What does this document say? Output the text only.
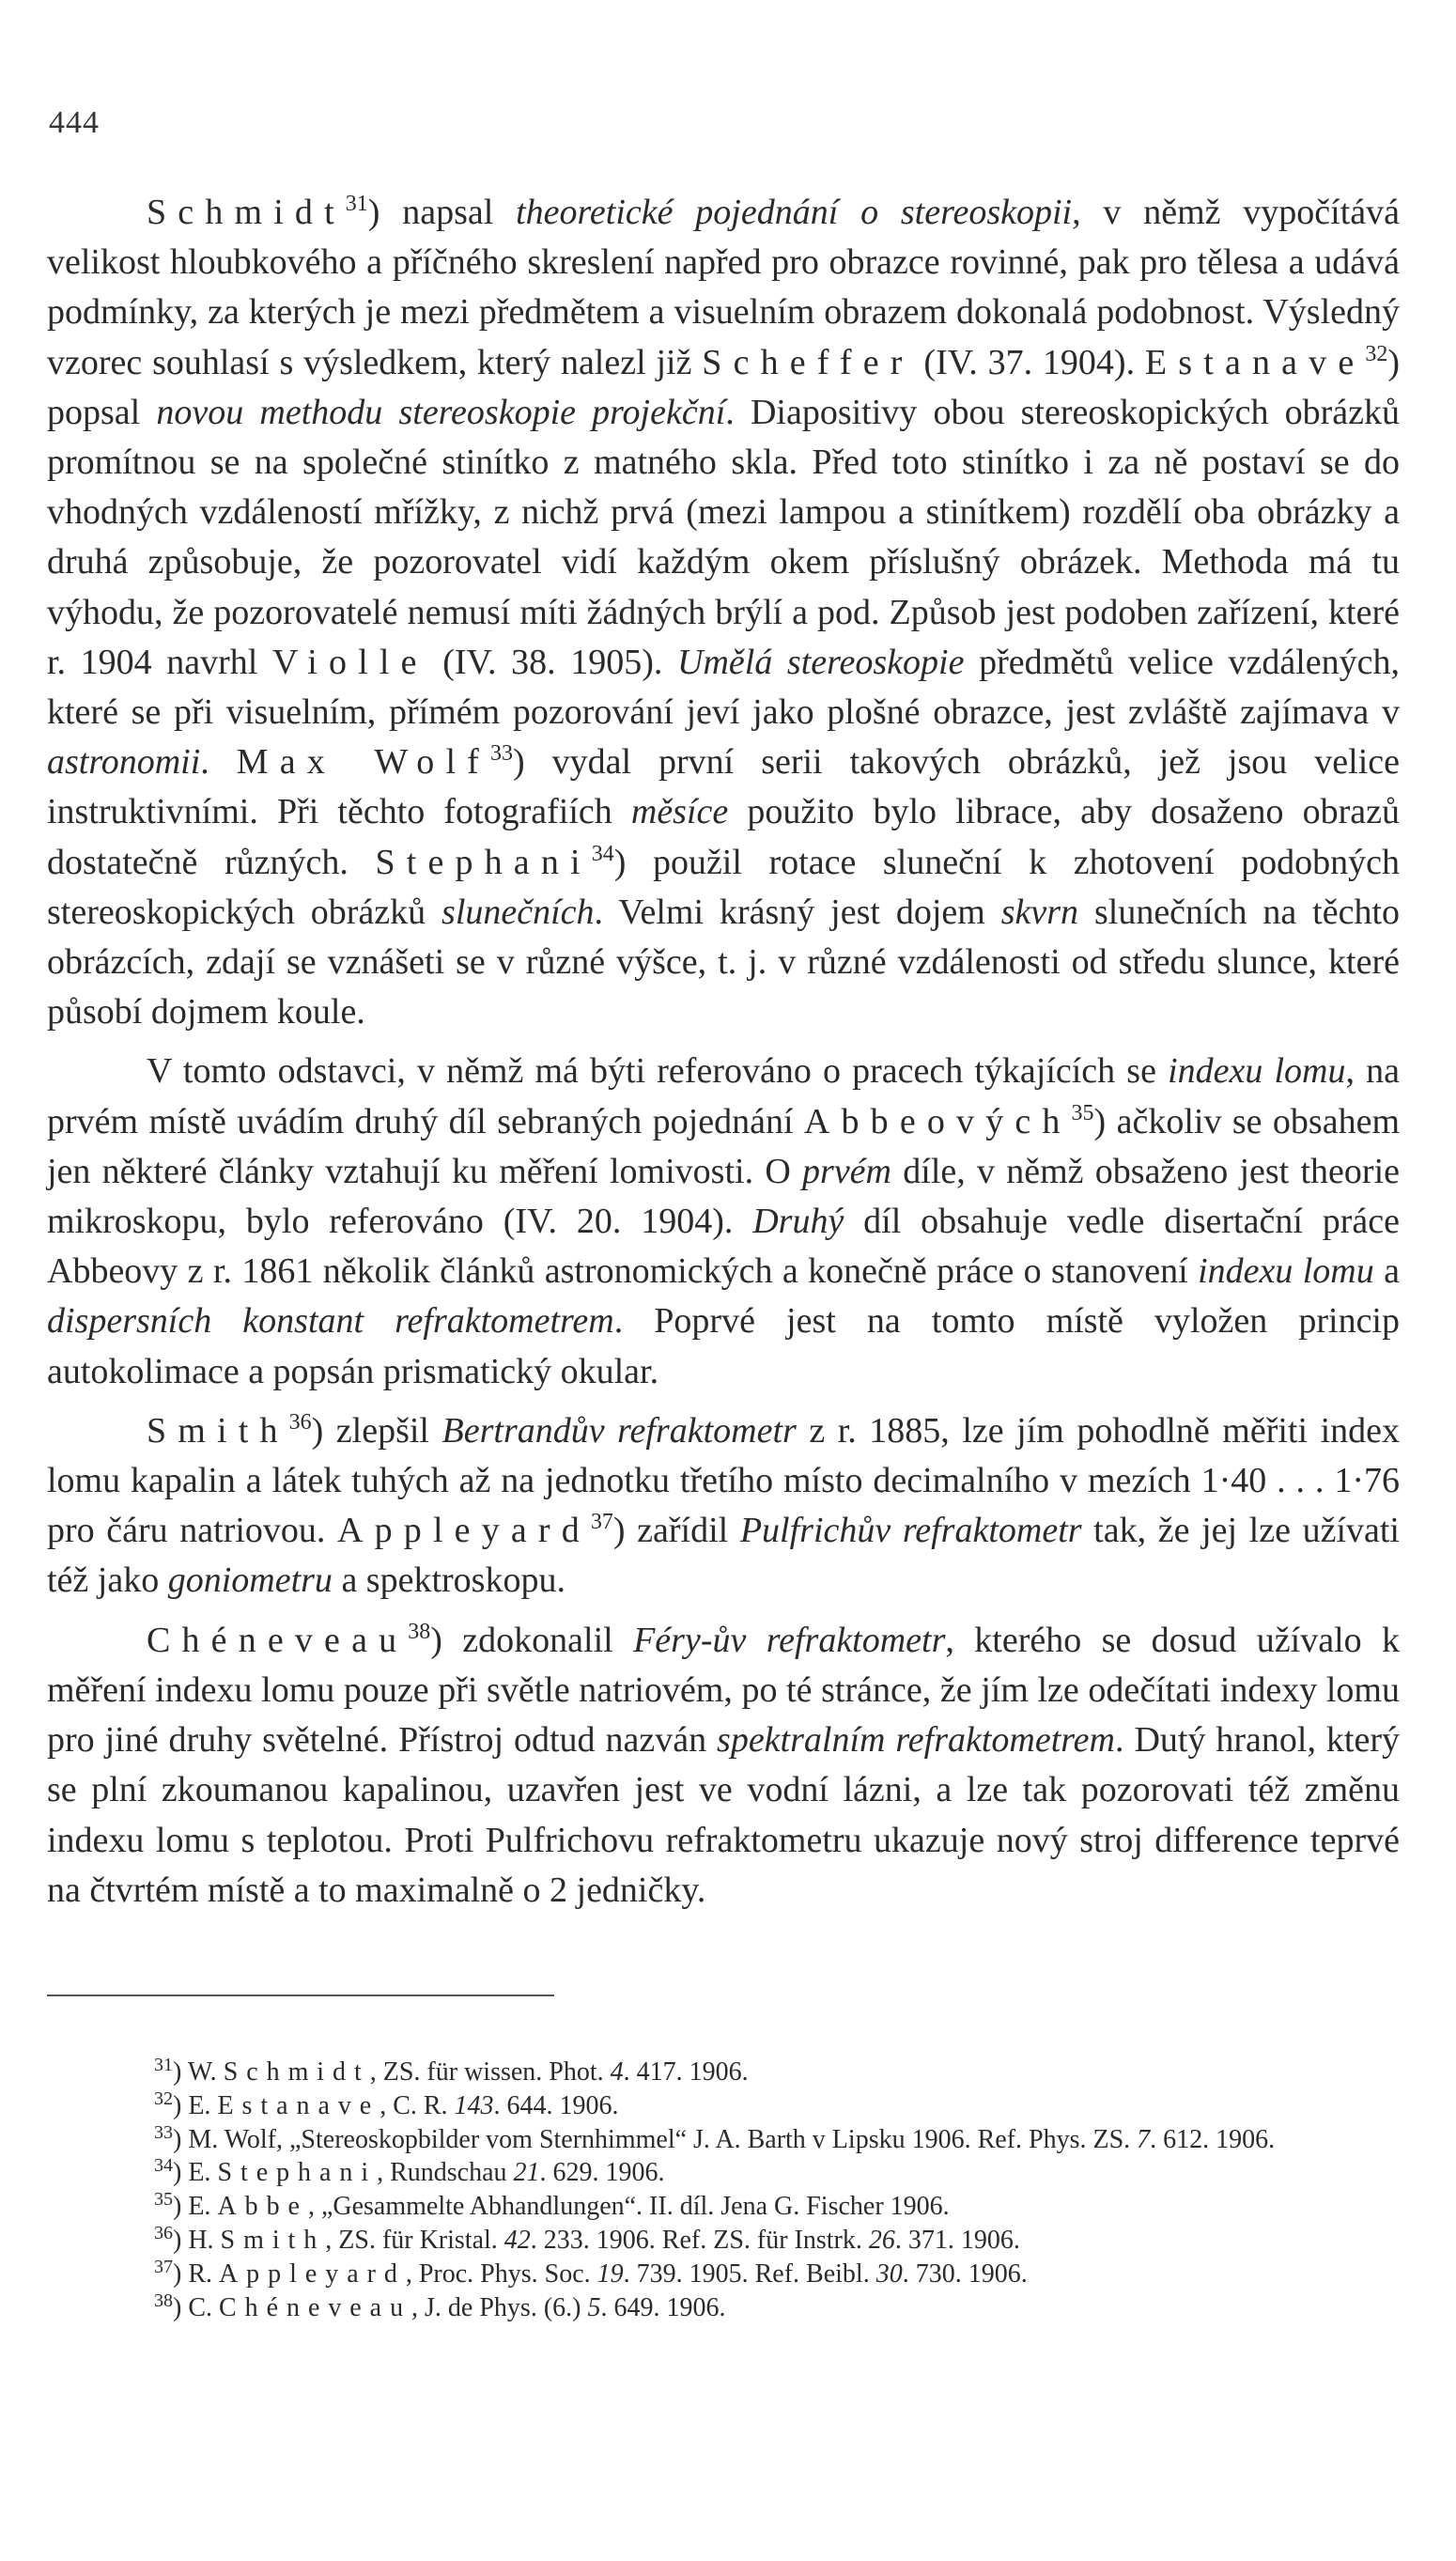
444

Schmidt$^{31}$) napsal theoretické pojednání o stereoskopii, v němž vypočítává velikost hloubkového a příčného skreslení napřed pro obrazce rovinné, pak pro tělesa a udává podmínky, za kterých je mezi předmětem a visuelním obrazem dokonalá podobnost. Výsledný vzorec souhlasí s výsledkem, který nalezl již Scheffer (IV. 37. 1904). Estanave$^{32}$) popsal novou methodu stereoskopie projekční. Diapositivy obou stereoskopických obrázků promítnou se na společné stinítko z matného skla. Před toto stinítko i za ně postaví se do vhodných vzdáleností mřížky, z nichž prvá (mezi lampou a stinítkem) rozdělí oba obrázky a druhá způsobuje, že pozorovatel vidí každým okem příslušný obrázek. Methoda má tu výhodu, že pozorovatelé nemusí míti žádných brýlí a pod. Způsob jest podoben zařízení, které r. 1904 navrhl Violle (IV. 38. 1905). Umělá stereoskopie předmětů velice vzdálených, které se při visuelním, přímém pozorování jeví jako plošné obrazce, jest zvláště zajímava v astronomii. Max Wolf$^{33}$) vydal první serii takových obrázků, jež jsou velice instruktivními. Při těchto fotografiích měsíce použito bylo librace, aby dosaženo obrazů dostatečně různých. Stephani$^{34}$) použil rotace sluneční k zhotovení podobných stereoskopických obrázků slunečních. Velmi krásný jest dojem skvrn slunečních na těchto obrázcích, zdají se vznášeti se v různé výšce, t. j. v různé vzdálenosti od středu slunce, které působí dojmem koule.

V tomto odstavci, v němž má býti referováno o pracech týkajících se indexu lomu, na prvém místě uvádím druhý díl sebraných pojednání Abbeových$^{35}$) ačkoliv se obsahem jen některé články vztahují ku měření lomivosti. O prvém díle, v němž obsaženo jest theorie mikroskopu, bylo referováno (IV. 20. 1904). Druhý díl obsahuje vedle disertační práce Abbeovy z r. 1861 několik článků astronomických a konečně práce o stanovení indexu lomu a dispersních konstant refraktometrem. Poprvé jest na tomto místě vyložen princip autokolimace a popsán prismatický okular.

Smith$^{36}$) zlepšil Bertrandův refraktometr z r. 1885, lze jím pohodlně měřiti index lomu kapalin a látek tuhých až na jednotku třetího místo decimalního v mezích 1·40 . . . 1·76 pro čáru natriovou. Appleyard$^{37}$) zařídil Pulfrichův refraktometr tak, že jej lze užívati též jako goniometru a spektroskopu.

Chéneveau$^{38}$) zdokonalil Féry-ův refraktometr, kterého se dosud užívalo k měření indexu lomu pouze při světle natriovém, po té stránce, že jím lze odečítati indexy lomu pro jiné druhy světelné. Přístroj odtud nazván spektralním refraktometrem. Dutý hranol, který se plní zkoumanou kapalinou, uzavřen jest ve vodní lázni, a lze tak pozorovati též změnu indexu lomu s teplotou. Proti Pulfrichovu refraktometru ukazuje nový stroj difference teprvé na čtvrtém místě a to maximalně o 2 jedničky.

$^{31}$) W. Schmidt, ZS. für wissen. Phot. 4. 417. 1906.

$^{32}$) E. Estanave, C. R. 143. 644. 1906.

$^{33}$) M. Wolf, „Stereoskopbilder vom Sternhimmel“ J. A. Barth v Lipsku 1906. Ref. Phys. ZS. 7. 612. 1906.

$^{34}$) E. Stephani, Rundschau 21. 629. 1906.

$^{35}$) E. Abbe, „Gesammelte Abhandlungen“. II. díl. Jena G. Fischer 1906.

$^{36}$) H. Smith, ZS. für Kristal. 42. 233. 1906. Ref. ZS. für Instrk. 26. 371. 1906.

$^{37}$) R. Appleyard, Proc. Phys. Soc. 19. 739. 1905. Ref. Beibl. 30. 730. 1906.

$^{38}$) C. Chéneveau, J. de Phys. (6.) 5. 649. 1906.
